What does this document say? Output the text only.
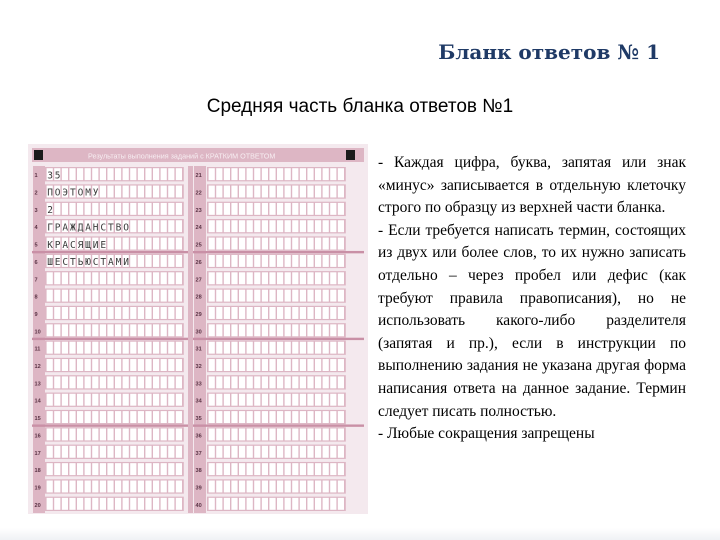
Бланк ответов № 1
Средняя часть бланка ответов №1
Результаты выполнения заданий с КРАТКИМ ОТВЕТОМ
1
2
3
4
5
6
7
8
9
10
11
12
13
14
15
16
17
18
19
20
21
22
23
24
25
26
27
28
29
30
31
32
33
34
35
36
37
38
39
40
3 5
П О Э Т О М У
2
Г Р А Ж Д А Н С Т В О
К Р А С Я Щ И Е
Ш Е С Т Ь Ю С Т А М И

- Каждая цифра, буква, запятая или знак «минус» записывается в отдельную клеточку строго по образцу из верхней части бланка.

- Если требуется написать термин, состоящих из двух или более слов, то их нужно записать отдельно – через пробел или дефис (как требуют правила правописания), но не использовать какого-либо разделителя (запятая и пр.), если в инструкции по выполнению задания не указана другая форма написания ответа на данное задание. Термин следует писать полностью.

- Любые сокращения запрещены
